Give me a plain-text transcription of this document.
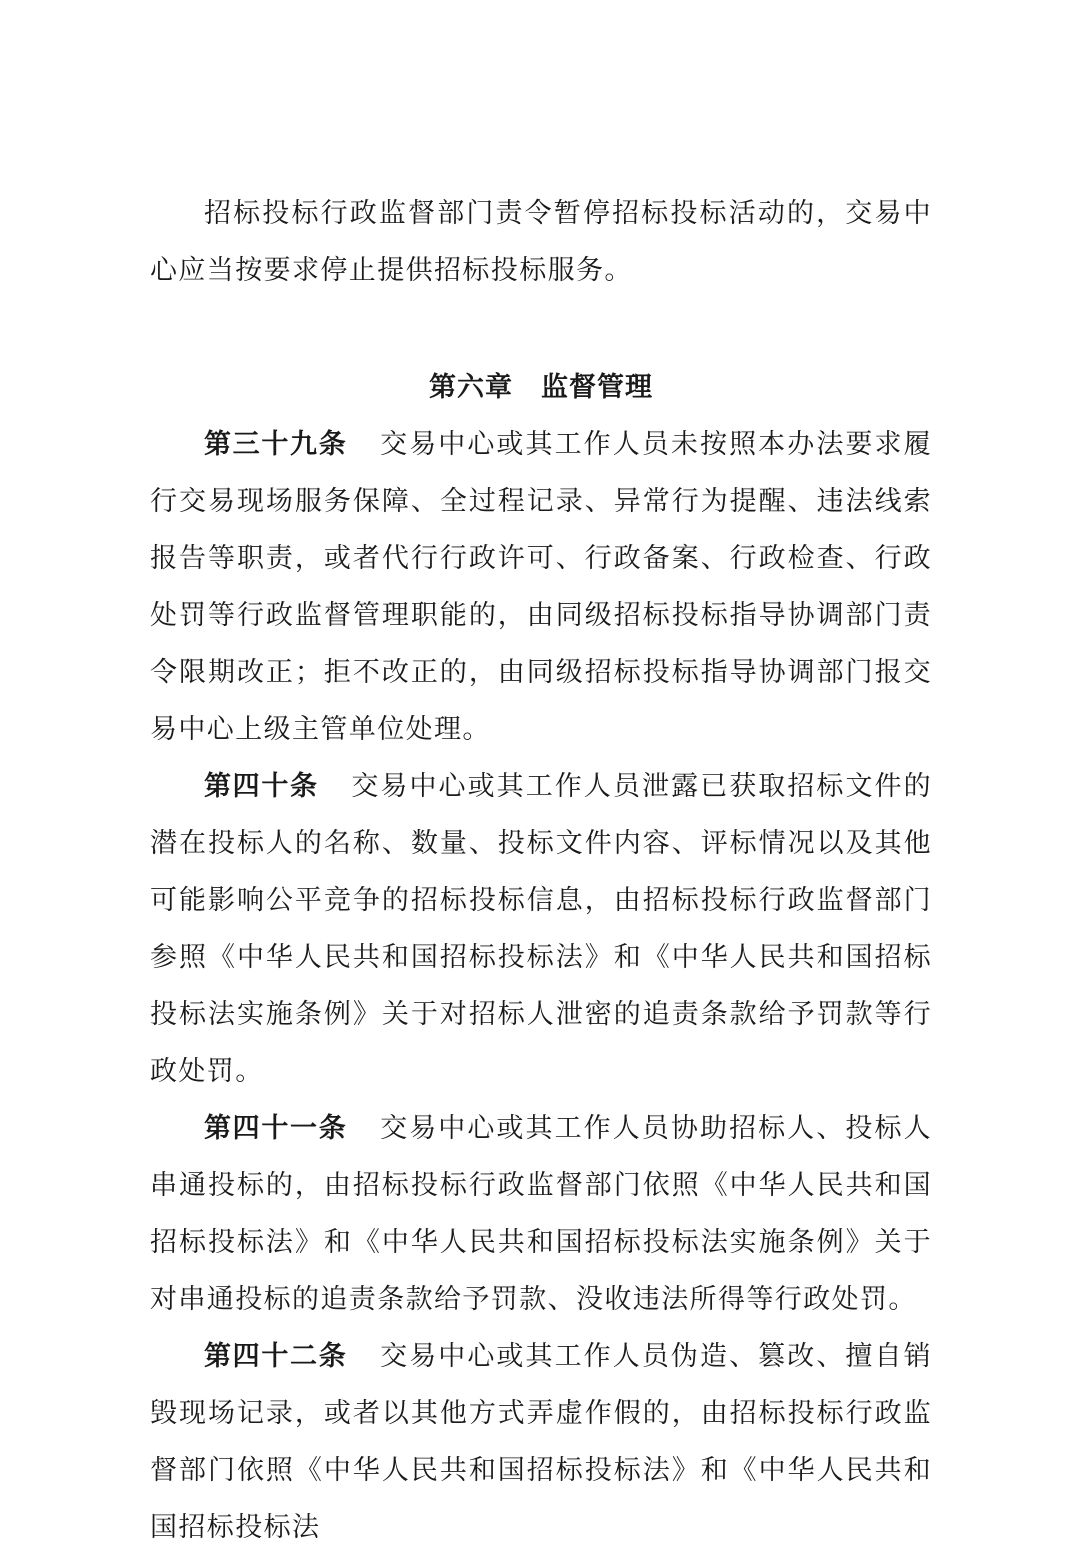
招标投标行政监督部门责令暂停招标投标活动的，交易中心应当按要求停止提供招标投标服务。

第六章 监督管理

第三十九条 交易中心或其工作人员未按照本办法要求履行交易现场服务保障、全过程记录、异常行为提醒、违法线索报告等职责，或者代行行政许可、行政备案、行政检查、行政处罚等行政监督管理职能的，由同级招标投标指导协调部门责令限期改正；拒不改正的，由同级招标投标指导协调部门报交易中心上级主管单位处理。

第四十条 交易中心或其工作人员泄露已获取招标文件的潜在投标人的名称、数量、投标文件内容、评标情况以及其他可能影响公平竞争的招标投标信息，由招标投标行政监督部门参照《中华人民共和国招标投标法》和《中华人民共和国招标投标法实施条例》关于对招标人泄密的追责条款给予罚款等行政处罚。

第四十一条 交易中心或其工作人员协助招标人、投标人串通投标的，由招标投标行政监督部门依照《中华人民共和国招标投标法》和《中华人民共和国招标投标法实施条例》关于对串通投标的追责条款给予罚款、没收违法所得等行政处罚。

第四十二条 交易中心或其工作人员伪造、篡改、擅自销毁现场记录，或者以其他方式弄虚作假的，由招标投标行政监督部门依照《中华人民共和国招标投标法》和《中华人民共和国招标投标法
